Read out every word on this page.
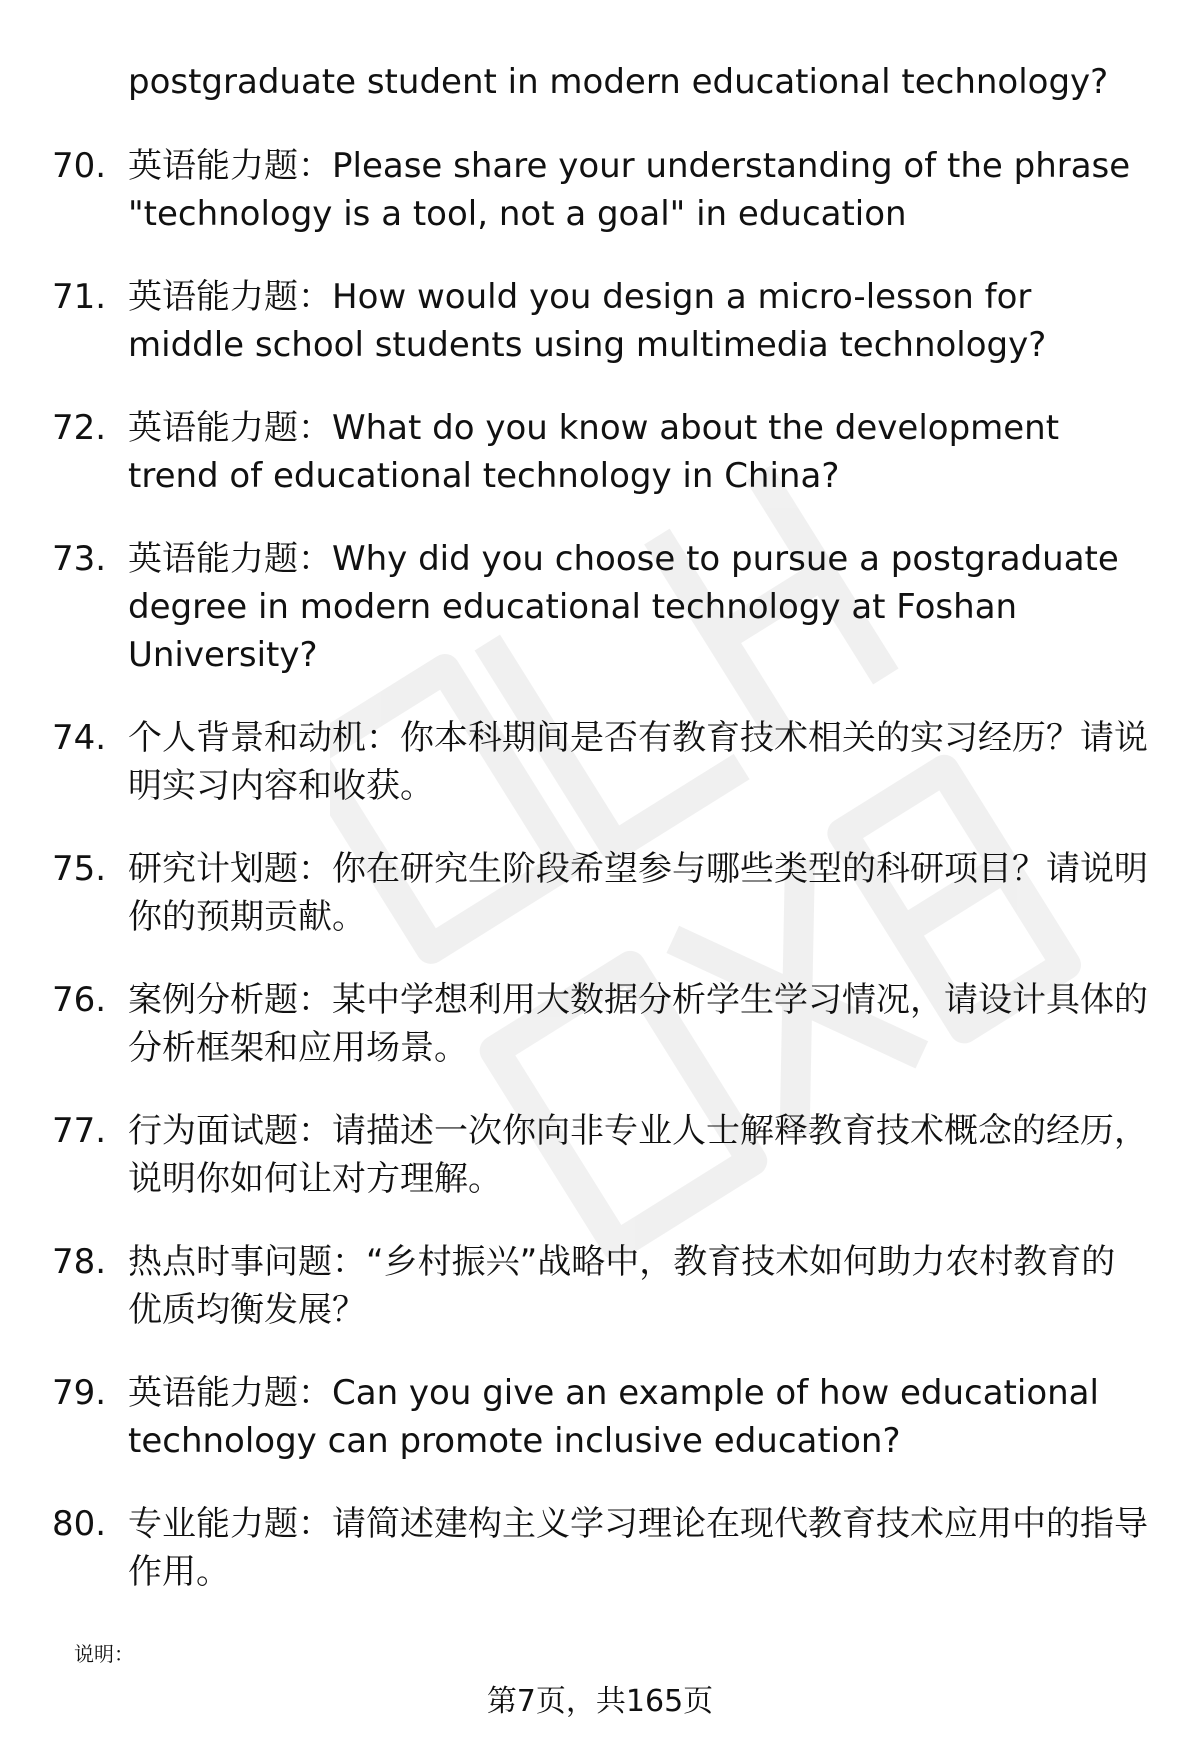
postgraduate student in modern educational technology?
70. 英语能力题：Please share your understanding of the phrase "technology is a tool, not a goal" in education
71. 英语能力题：How would you design a micro-lesson for middle school students using multimedia technology?
72. 英语能力题：What do you know about the development trend of educational technology in China?
73. 英语能力题：Why did you choose to pursue a postgraduate degree in modern educational technology at Foshan University?
74. 个人背景和动机：你本科期间是否有教育技术相关的实习经历？请说明实习内容和收获。
75. 研究计划题：你在研究生阶段希望参与哪些类型的科研项目？请说明你的预期贡献。
76. 案例分析题：某中学想利用大数据分析学生学习情况，请设计具体的分析框架和应用场景。
77. 行为面试题：请描述一次你向非专业人士解释教育技术概念的经历，说明你如何让对方理解。
78. 热点时事问题：“乡村振兴”战略中，教育技术如何助力农村教育的优质均衡发展？
79. 英语能力题：Can you give an example of how educational technology can promote inclusive education?
80. 专业能力题：请简述建构主义学习理论在现代教育技术应用中的指导作用。
说明：
第7页，共165页
